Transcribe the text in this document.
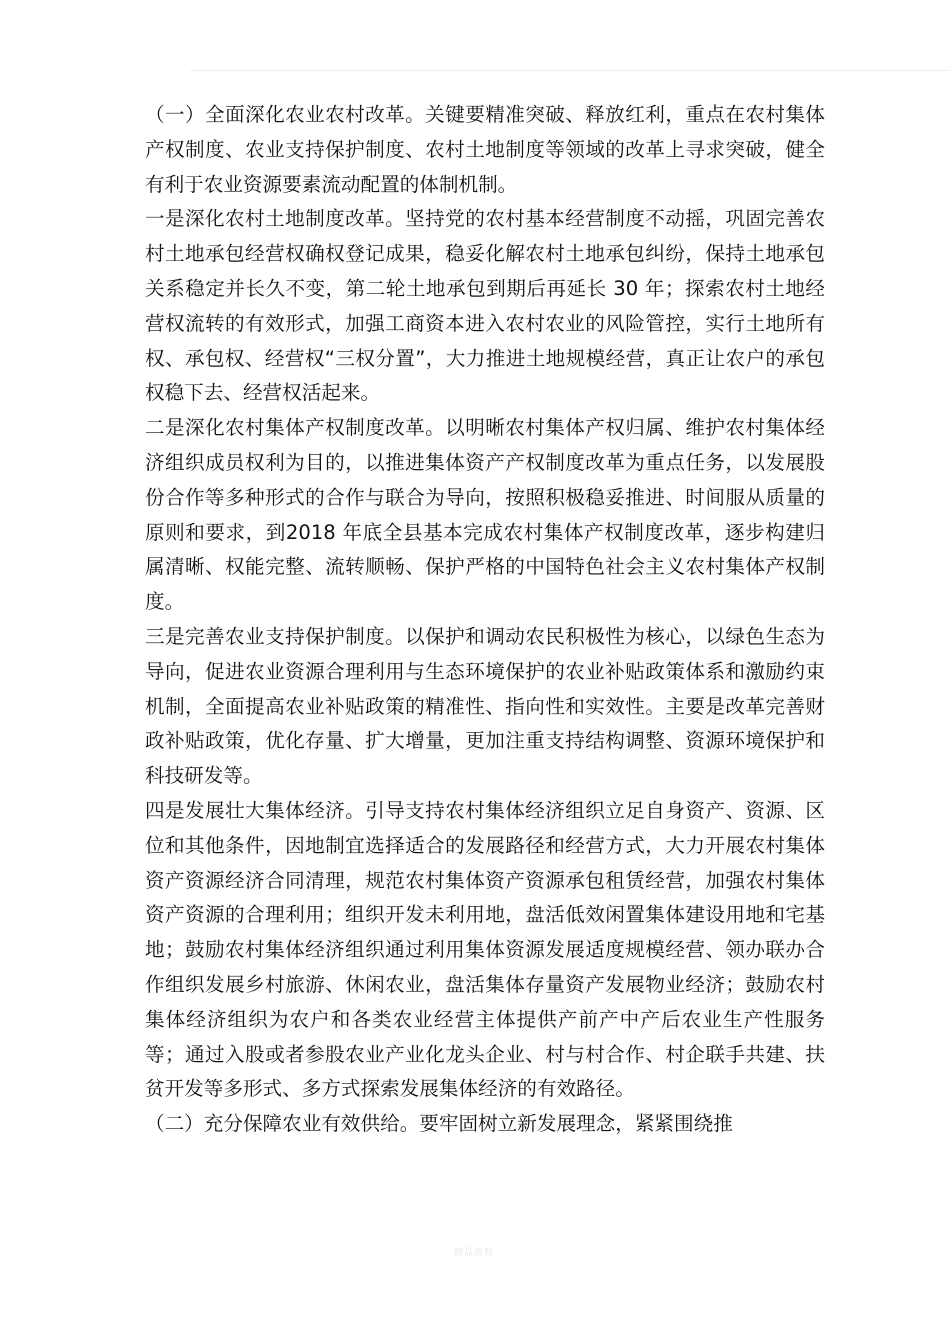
（一）全面深化农业农村改革。关键要精准突破、释放红利，重点在农村集体产权制度、农业支持保护制度、农村土地制度等领域的改革上寻求突破，健全有利于农业资源要素流动配置的体制机制。

一是深化农村土地制度改革。坚持党的农村基本经营制度不动摇，巩固完善农村土地承包经营权确权登记成果，稳妥化解农村土地承包纠纷，保持土地承包关系稳定并长久不变，第二轮土地承包到期后再延长 30 年；探索农村土地经营权流转的有效形式，加强工商资本进入农村农业的风险管控，实行土地所有权、承包权、经营权“三权分置”，大力推进土地规模经营，真正让农户的承包权稳下去、经营权活起来。

二是深化农村集体产权制度改革。以明晰农村集体产权归属、维护农村集体经济组织成员权利为目的，以推进集体资产产权制度改革为重点任务，以发展股份合作等多种形式的合作与联合为导向，按照积极稳妥推进、时间服从质量的原则和要求，到2018 年底全县基本完成农村集体产权制度改革，逐步构建归属清晰、权能完整、流转顺畅、保护严格的中国特色社会主义农村集体产权制度。

三是完善农业支持保护制度。以保护和调动农民积极性为核心，以绿色生态为导向，促进农业资源合理利用与生态环境保护的农业补贴政策体系和激励约束机制，全面提高农业补贴政策的精准性、指向性和实效性。主要是改革完善财政补贴政策，优化存量、扩大增量，更加注重支持结构调整、资源环境保护和科技研发等。

四是发展壮大集体经济。引导支持农村集体经济组织立足自身资产、资源、区位和其他条件，因地制宜选择适合的发展路径和经营方式，大力开展农村集体资产资源经济合同清理，规范农村集体资产资源承包租赁经营，加强农村集体资产资源的合理利用；组织开发未利用地，盘活低效闲置集体建设用地和宅基地；鼓励农村集体经济组织通过利用集体资源发展适度规模经营、领办联办合作组织发展乡村旅游、休闲农业，盘活集体存量资产发展物业经济；鼓励农村集体经济组织为农户和各类农业经营主体提供产前产中产后农业生产性服务等；通过入股或者参股农业产业化龙头企业、村与村合作、村企联手共建、扶贫开发等多形式、多方式探索发展集体经济的有效路径。

（二）充分保障农业有效供给。要牢固树立新发展理念，紧紧围绕推

精品资料
